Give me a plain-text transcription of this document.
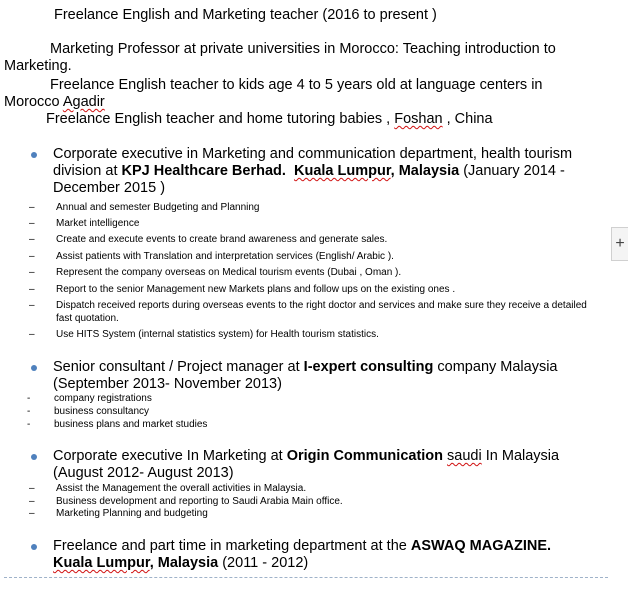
Freelance English and Marketing teacher (2016 to present )
Marketing Professor at private universities in Morocco: Teaching introduction to
Marketing.
Freelance English teacher to kids age 4 to 5 years old at language centers in
Morocco Agadir
Freelance English teacher and home tutoring babies , Foshan , China
Corporate executive in Marketing and communication department, health tourism division at KPJ Healthcare Berhad. Kuala Lumpur, Malaysia (January 2014 - December 2015 )
– Annual and semester Budgeting and Planning
– Market intelligence
– Create and execute events to create brand awareness and generate sales.
– Assist patients with Translation and interpretation services (English/ Arabic ).
– Represent the company overseas on Medical tourism events (Dubai , Oman ).
– Report to the senior Management new Markets plans and follow ups on the existing ones .
– Dispatch received reports during overseas events to the right doctor and services and make sure they receive a detailed fast quotation.
– Use HITS System (internal statistics system) for Health tourism statistics.
Senior consultant / Project manager at I-expert consulting company Malaysia (September 2013- November 2013)
- company registrations
- business consultancy
- business plans and market studies
Corporate executive In Marketing at Origin Communication saudi In Malaysia (August 2012- August 2013)
– Assist the Management the overall activities in Malaysia.
– Business development and reporting to Saudi Arabia Main office.
– Marketing Planning and budgeting
Freelance and part time in marketing department at the ASWAQ MAGAZINE.
Kuala Lumpur, Malaysia (2011 - 2012)
+
